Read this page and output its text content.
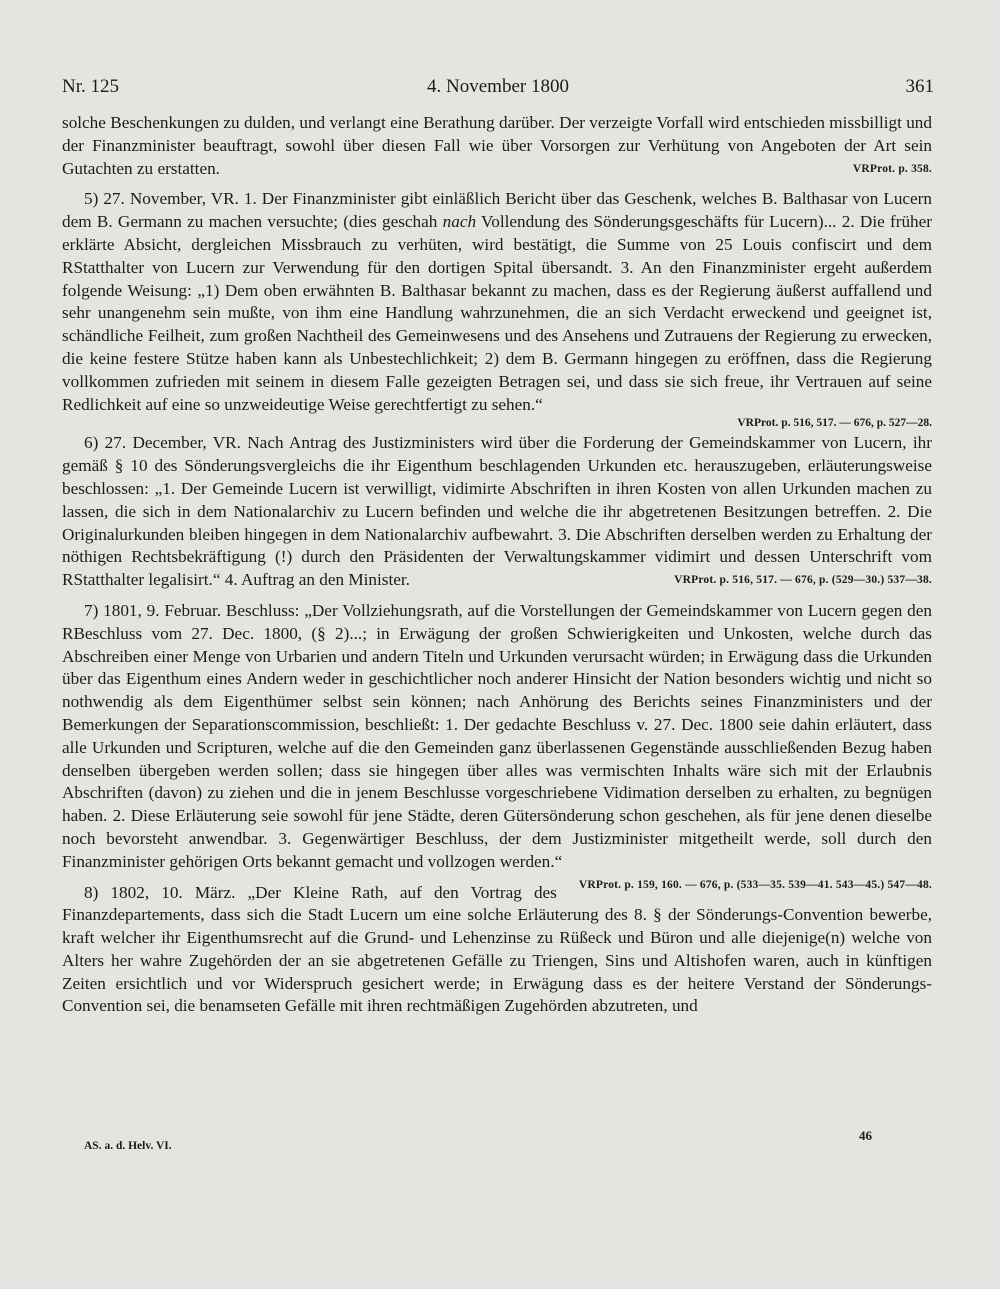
Nr. 125	4. November 1800	361

solche Beschenkungen zu dulden, und verlangt eine Berathung darüber. Der verzeigte Vorfall wird entschieden missbilligt und der Finanzminister beauftragt, sowohl über diesen Fall wie über Vorsorgen zur Verhütung von Angeboten der Art sein Gutachten zu erstatten.	VRProt. p. 358.

5) 27. November, VR. 1. Der Finanzminister gibt einläßlich Bericht über das Geschenk, welches B. Balthasar von Lucern dem B. Germann zu machen versuchte; (dies geschah nach Vollendung des Sönderungsgeschäfts für Lucern)... 2. Die früher erklärte Absicht, dergleichen Missbrauch zu verhüten, wird bestätigt, die Summe von 25 Louis confiscirt und dem RStatthalter von Lucern zur Verwendung für den dortigen Spital übersandt. 3. An den Finanzminister ergeht außerdem folgende Weisung: „1) Dem oben erwähnten B. Balthasar bekannt zu machen, dass es der Regierung äußerst auffallend und sehr unangenehm sein mußte, von ihm eine Handlung wahrzunehmen, die an sich Verdacht erweckend und geeignet ist, schändliche Feilheit, zum großen Nachtheil des Gemeinwesens und des Ansehens und Zutrauens der Regierung zu erwecken, die keine festere Stütze haben kann als Unbestechlichkeit; 2) dem B. Germann hingegen zu eröffnen, dass die Regierung vollkommen zufrieden mit seinem in diesem Falle gezeigten Betragen sei, und dass sie sich freue, ihr Vertrauen auf seine Redlichkeit auf eine so unzweideutige Weise gerechtfertigt zu sehen.“

VRProt. p. 516, 517. — 676, p. 527—28.

6) 27. December, VR. Nach Antrag des Justizministers wird über die Forderung der Gemeindskammer von Lucern, ihr gemäß § 10 des Sönderungsvergleichs die ihr Eigenthum beschlagenden Urkunden etc. herauszugeben, erläuterungsweise beschlossen: „1. Der Gemeinde Lucern ist verwilligt, vidimirte Abschriften in ihren Kosten von allen Urkunden machen zu lassen, die sich in dem Nationalarchiv zu Lucern befinden und welche die ihr abgetretenen Besitzungen betreffen. 2. Die Originalurkunden bleiben hingegen in dem Nationalarchiv aufbewahrt. 3. Die Abschriften derselben werden zu Erhaltung der nöthigen Rechtsbekräftigung (!) durch den Präsidenten der Verwaltungskammer vidimirt und dessen Unterschrift vom RStatthalter legalisirt.“ 4. Auftrag an den Minister.	VRProt. p. 516, 517. — 676, p. (529—30.) 537—38.

7) 1801, 9. Februar. Beschluss: „Der Vollziehungsrath, auf die Vorstellungen der Gemeindskammer von Lucern gegen den RBeschluss vom 27. Dec. 1800, (§ 2)...; in Erwägung der großen Schwierigkeiten und Unkosten, welche durch das Abschreiben einer Menge von Urbarien und andern Titeln und Urkunden verursacht würden; in Erwägung dass die Urkunden über das Eigenthum eines Andern weder in geschichtlicher noch anderer Hinsicht der Nation besonders wichtig und nicht so nothwendig als dem Eigenthümer selbst sein können; nach Anhörung des Berichts seines Finanzministers und der Bemerkungen der Separationscommission, beschließt: 1. Der gedachte Beschluss v. 27. Dec. 1800 seie dahin erläutert, dass alle Urkunden und Scripturen, welche auf die den Gemeinden ganz überlassenen Gegenstände ausschließenden Bezug haben denselben übergeben werden sollen; dass sie hingegen über alles was vermischten Inhalts wäre sich mit der Erlaubnis Abschriften (davon) zu ziehen und die in jenem Beschlusse vorgeschriebene Vidimation derselben zu erhalten, zu begnügen haben. 2. Diese Erläuterung seie sowohl für jene Städte, deren Gütersönderung schon geschehen, als für jene denen dieselbe noch bevorsteht anwendbar. 3. Gegenwärtiger Beschluss, der dem Justizminister mitgetheilt werde, soll durch den Finanzminister gehörigen Orts bekannt gemacht und vollzogen werden.“
VRProt. p. 159, 160. — 676, p. (533—35. 539—41. 543—45.) 547—48.

8) 1802, 10. März. „Der Kleine Rath, auf den Vortrag des Finanzdepartements, dass sich die Stadt Lucern um eine solche Erläuterung des 8. § der Sönderungs-Convention bewerbe, kraft welcher ihr Eigenthumsrecht auf die Grund- und Lehenzinse zu Rüßeck und Büron und alle diejenige(n) welche von Alters her wahre Zugehörden der an sie abgetretenen Gefälle zu Triengen, Sins und Altishofen waren, auch in künftigen Zeiten ersichtlich und vor Widerspruch gesichert werde; in Erwägung dass es der heitere Verstand der Sönderungs-Convention sei, die benamseten Gefälle mit ihren rechtmäßigen Zugehörden abzutreten, und

AS. a. d. Helv. VI.
46
